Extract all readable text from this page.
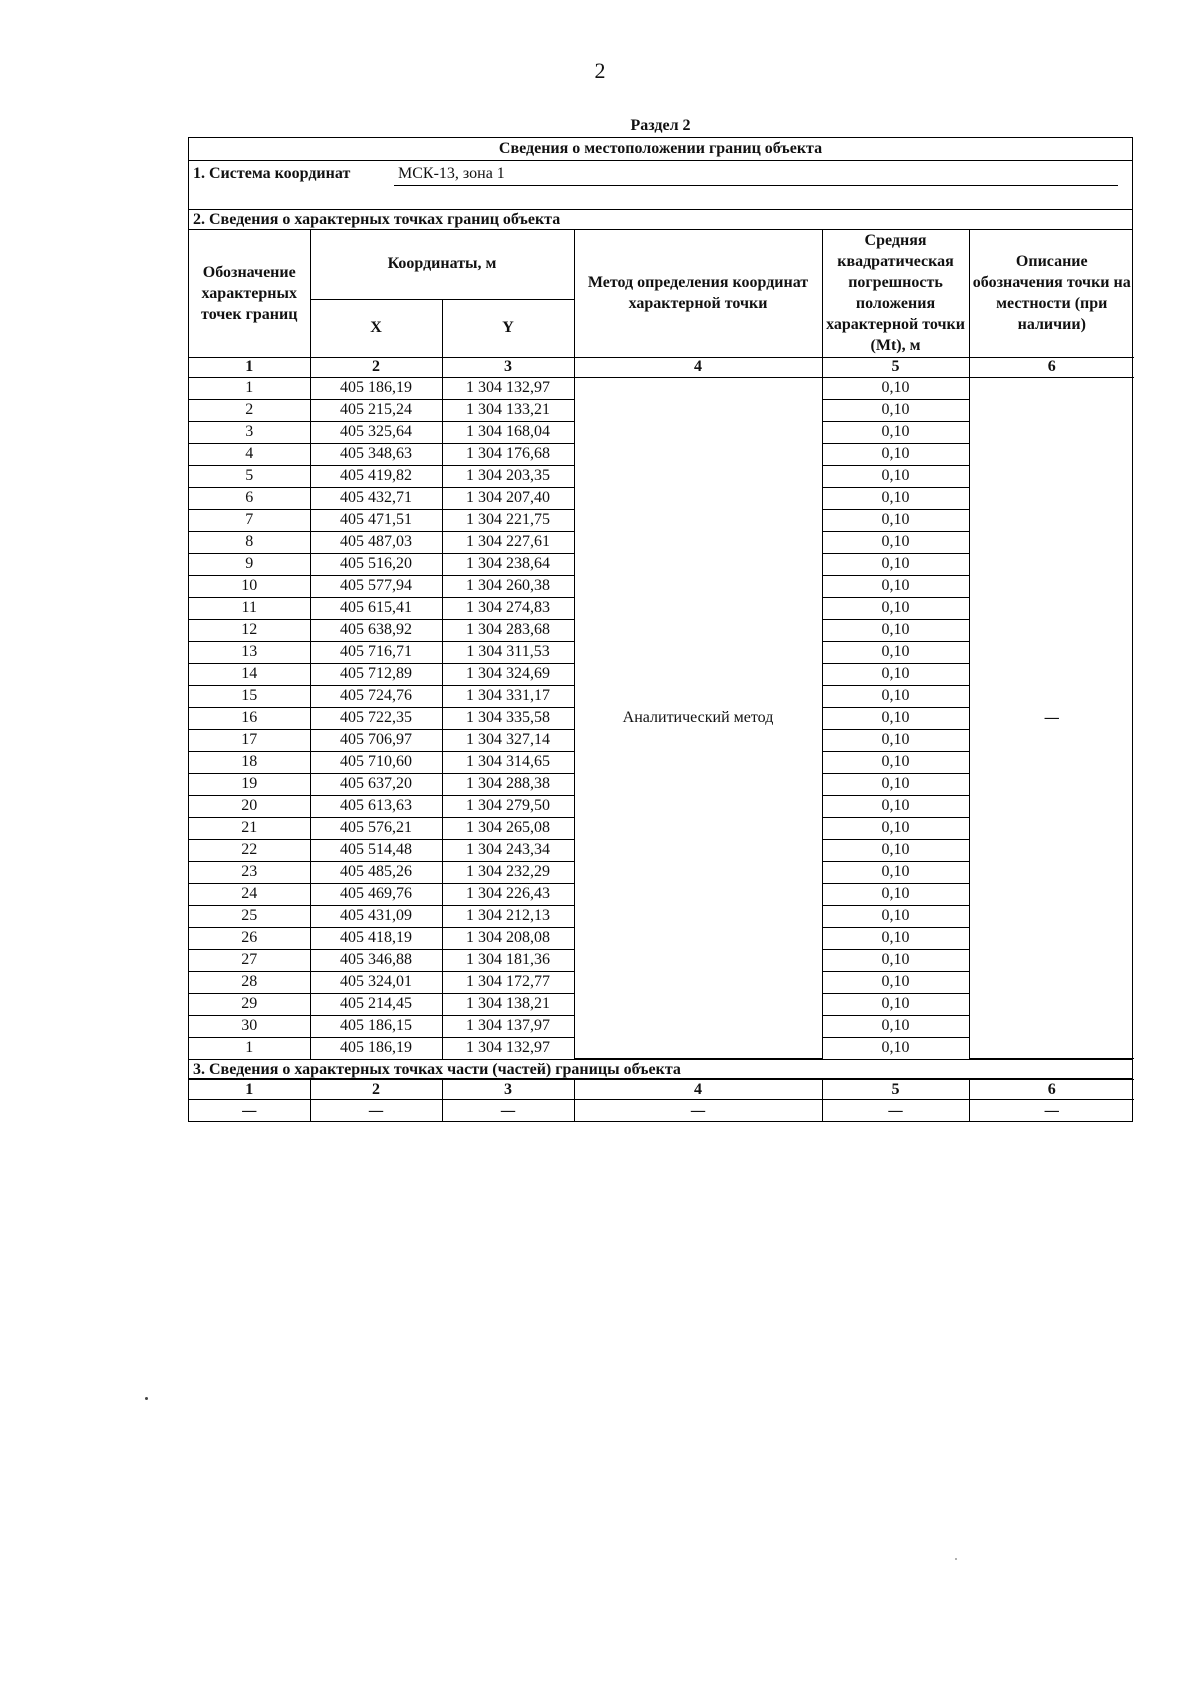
2
Раздел 2
Сведения о местоположении границ объекта
1. Система координат	МСК-13, зона 1
2. Сведения о характерных точках границ объекта
Обозначение характерных точек границ	Координаты, м		Метод определения координат характерной точки	Средняя квадратическая погрешность положения характерной точки (Mt), м	Описание обозначения точки на местности (при наличии)
	X	Y			
1	2	3	4	5	6
1	405 186,19	1 304 132,97	Аналитический метод	0,10	—
2	405 215,24	1 304 133,21		0,10	
3	405 325,64	1 304 168,04		0,10	
4	405 348,63	1 304 176,68		0,10	
5	405 419,82	1 304 203,35		0,10	
6	405 432,71	1 304 207,40		0,10	
7	405 471,51	1 304 221,75		0,10	
8	405 487,03	1 304 227,61		0,10	
9	405 516,20	1 304 238,64		0,10	
10	405 577,94	1 304 260,38		0,10	
11	405 615,41	1 304 274,83		0,10	
12	405 638,92	1 304 283,68		0,10	
13	405 716,71	1 304 311,53		0,10	
14	405 712,89	1 304 324,69		0,10	
15	405 724,76	1 304 331,17		0,10	
16	405 722,35	1 304 335,58		0,10	
17	405 706,97	1 304 327,14		0,10	
18	405 710,60	1 304 314,65		0,10	
19	405 637,20	1 304 288,38		0,10	
20	405 613,63	1 304 279,50		0,10	
21	405 576,21	1 304 265,08		0,10	
22	405 514,48	1 304 243,34		0,10	
23	405 485,26	1 304 232,29		0,10	
24	405 469,76	1 304 226,43		0,10	
25	405 431,09	1 304 212,13		0,10	
26	405 418,19	1 304 208,08		0,10	
27	405 346,88	1 304 181,36		0,10	
28	405 324,01	1 304 172,77		0,10	
29	405 214,45	1 304 138,21		0,10	
30	405 186,15	1 304 137,97		0,10	
1	405 186,19	1 304 132,97		0,10	
3. Сведения о характерных точках части (частей) границы объекта
1	2	3	4	5	6
—	—	—	—	—	—
